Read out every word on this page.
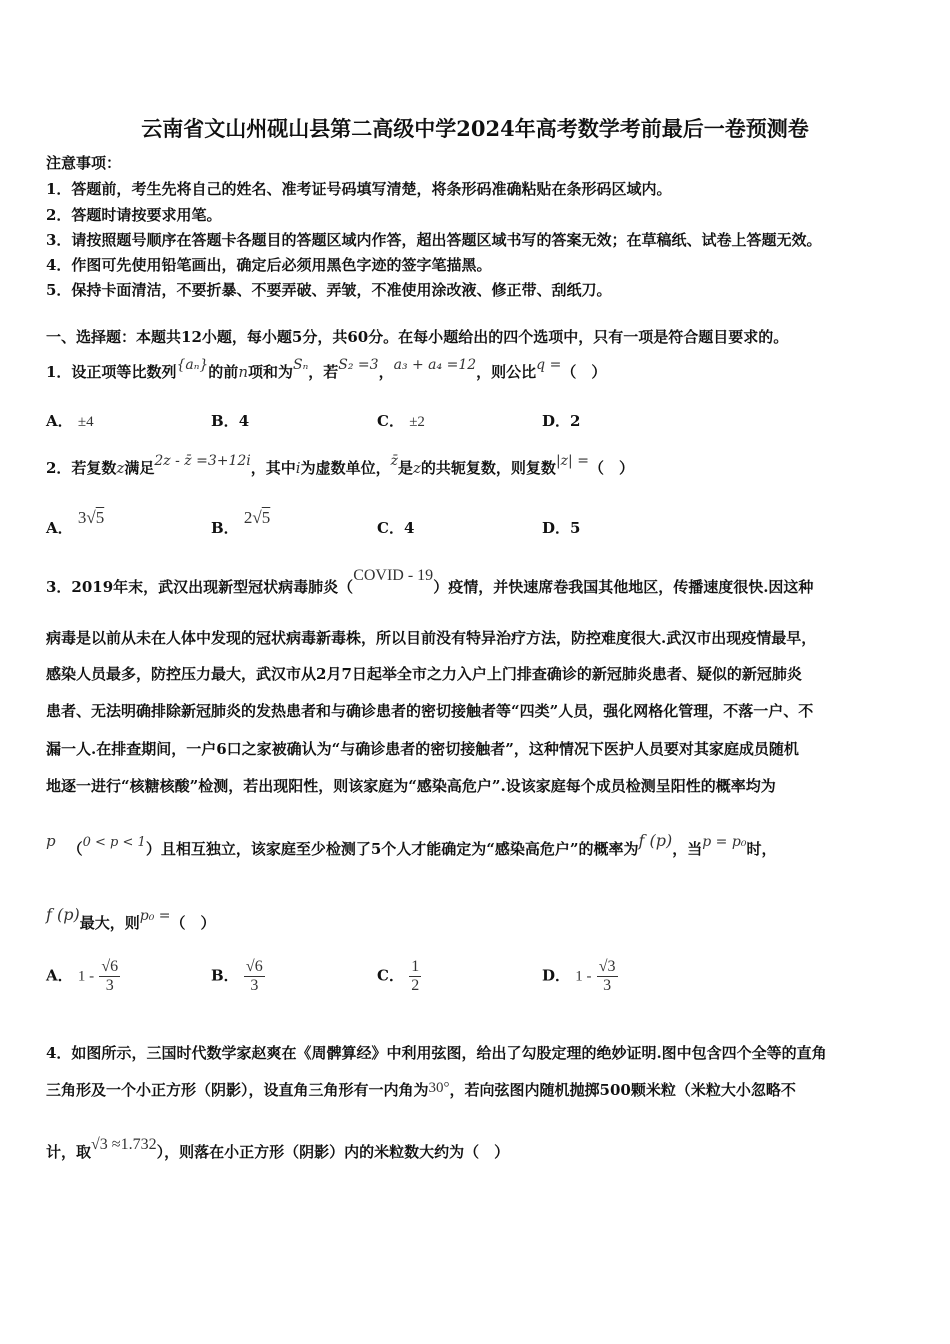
云南省文山州砚山县第二高级中学2024年高考数学考前最后一卷预测卷
注意事项：
1．答题前，考生先将自己的姓名、准考证号码填写清楚，将条形码准确粘贴在条形码区域内。
2．答题时请按要求用笔。
3．请按照题号顺序在答题卡各题目的答题区域内作答，超出答题区域书写的答案无效；在草稿纸、试卷上答题无效。
4．作图可先使用铅笔画出，确定后必须用黑色字迹的签字笔描黑。
5．保持卡面清洁，不要折暴、不要弄破、弄皱，不准使用涂改液、修正带、刮纸刀。
一、选择题：本题共12小题，每小题5分，共60分。在每小题给出的四个选项中，只有一项是符合题目要求的。
1．设正项等比数列{aₙ}的前n项和为Sₙ，若S₂ =3，a₃ + a₄ =12，则公比q =（　）
A． ±4	B．4	C． ±2	D．2
2．若复数z满足2z - z̄ =3+12i，其中i为虚数单位，z̄是z的共轭复数，则复数|z| =（　）
A． 3√5
B． 2√5
C．4	D．5
3．2019年末，武汉出现新型冠状病毒肺炎（COVID - 19）疫情，并快速席卷我国其他地区，传播速度很快.因这种
病毒是以前从未在人体中发现的冠状病毒新毒株，所以目前没有特异治疗方法，防控难度很大.武汉市出现疫情最早，
感染人员最多，防控压力最大，武汉市从2月7日起举全市之力入户上门排查确诊的新冠肺炎患者、疑似的新冠肺炎
患者、无法明确排除新冠肺炎的发热患者和与确诊患者的密切接触者等“四类”人员，强化网格化管理，不落一户、不
漏一人.在排查期间，一户6口之家被确认为“与确诊患者的密切接触者”，这种情况下医护人员要对其家庭成员随机
地逐一进行“核糖核酸”检测，若出现阳性，则该家庭为“感染高危户”.设该家庭每个成员检测呈阳性的概率均为
p （0 < p < 1）且相互独立，该家庭至少检测了5个人才能确定为“感染高危户”的概率为f (p)，当p = p₀时，
f (p)最大，则p₀ =（　）
A． $1 - \frac{√6}{3}$	B． $\frac{√6}{3}$	C． $\frac{1}{2}$	D． $1 - \frac{√3}{3}$
4．如图所示，三国时代数学家赵爽在《周髀算经》中利用弦图，给出了勾股定理的绝妙证明.图中包含四个全等的直角
三角形及一个小正方形（阴影），设直角三角形有一内角为30°，若向弦图内随机抛掷500颗米粒（米粒大小忽略不
计，取√3 ≈1.732），则落在小正方形（阴影）内的米粒数大约为（　）
